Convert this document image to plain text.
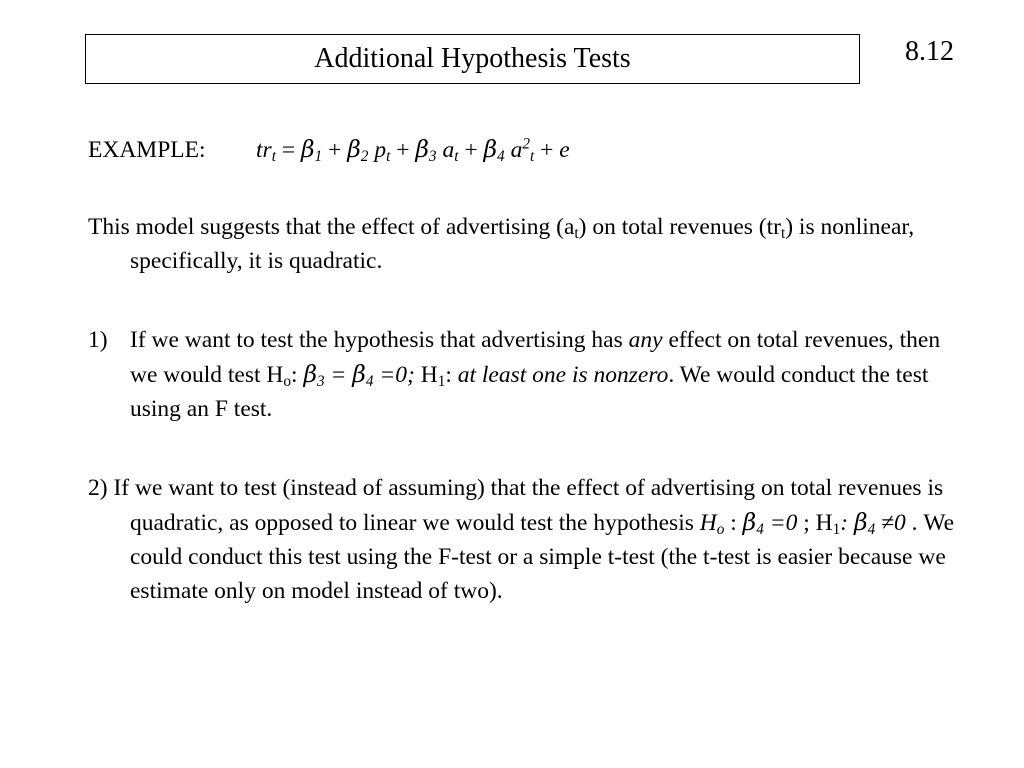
Additional Hypothesis Tests	8.12

EXAMPLE: $tr_t = \beta_1 + \beta_2$ $p_t + \beta_3$ $a_t + \beta_4$ $a^2_t + e$

This model suggests that the effect of advertising $(a_t)$ on total revenues $(tr_t)$ is nonlinear, specifically, it is quadratic.

1) If we want to test the hypothesis that advertising has any effect on total revenues, then we would test $H_o$: $\beta_3 = \beta_4 =0$; $H_1$: at least one is nonzero. We would conduct the test using an F test.

2) If we want to test (instead of assuming) that the effect of advertising on total revenues is quadratic, as opposed to linear we would test the hypothesis $H_o$ : $\beta_4 =0$ ; $H_1$: $\beta_4 \ne 0$ . We could conduct this test using the F-test or a simple t-test (the t-test is easier because we estimate only on model instead of two).
